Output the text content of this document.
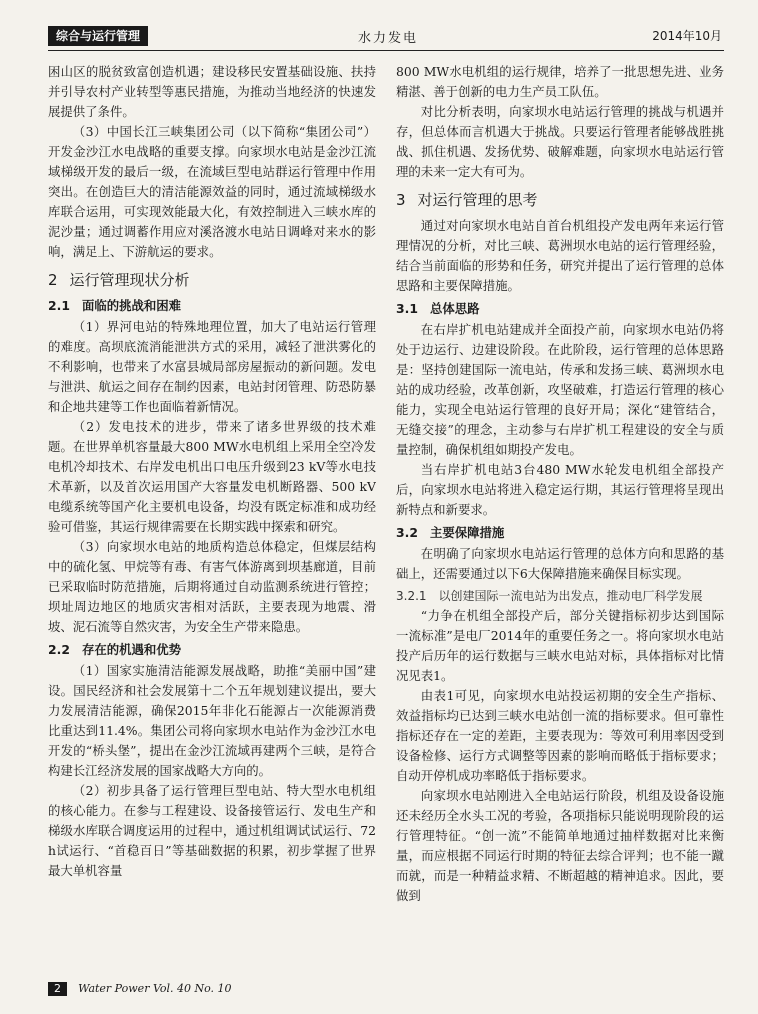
综合与运行管理	水力发电	2014年10月

困山区的脱贫致富创造机遇；建设移民安置基础设施、扶持并引导农村产业转型等惠民措施，为推动当地经济的快速发展提供了条件。

（3）中国长江三峡集团公司（以下简称“集团公司”）开发金沙江水电战略的重要支撑。向家坝水电站是金沙江流域梯级开发的最后一级，在流域巨型电站群运行管理中作用突出。在创造巨大的清洁能源效益的同时，通过流域梯级水库联合运用，可实现效能最大化，有效控制进入三峡水库的泥沙量；通过调蓄作用应对溪洛渡水电站日调峰对来水的影响，满足上、下游航运的要求。

2 运行管理现状分析
2.1 面临的挑战和困难

（1）界河电站的特殊地理位置，加大了电站运行管理的难度。高坝底流消能泄洪方式的采用，减轻了泄洪雾化的不利影响，也带来了水富县城局部房屋振动的新问题。发电与泄洪、航运之间存在制约因素，电站封闭管理、防恐防暴和企地共建等工作也面临着新情况。

（2）发电技术的进步，带来了诸多世界级的技术难题。在世界单机容量最大800 MW水电机组上采用全空冷发电机冷却技术、右岸发电机出口电压升级到23 kV等水电技术革新，以及首次运用国产大容量发电机断路器、500 kV电缆系统等国产化主要机电设备，均没有既定标准和成功经验可借鉴，其运行规律需要在长期实践中探索和研究。

（3）向家坝水电站的地质构造总体稳定，但煤层结构中的硫化氢、甲烷等有毒、有害气体游离到坝基廊道，目前已采取临时防范措施，后期将通过自动监测系统进行管控；坝址周边地区的地质灾害相对活跃，主要表现为地震、滑坡、泥石流等自然灾害，为安全生产带来隐患。

2.2 存在的机遇和优势

（1）国家实施清洁能源发展战略，助推“美丽中国”建设。国民经济和社会发展第十二个五年规划建议提出，要大力发展清洁能源，确保2015年非化石能源占一次能源消费比重达到11.4%。集团公司将向家坝水电站作为金沙江水电开发的“桥头堡”，提出在金沙江流域再建两个三峡，是符合构建长江经济发展的国家战略大方向的。

（2）初步具备了运行管理巨型电站、特大型水电机组的核心能力。在参与工程建设、设备接管运行、发电生产和梯级水库联合调度运用的过程中，通过机组调试试运行、72 h试运行、“首稳百日”等基础数据的积累，初步掌握了世界最大单机容量

800 MW水电机组的运行规律，培养了一批思想先进、业务精湛、善于创新的电力生产员工队伍。

对比分析表明，向家坝水电站运行管理的挑战与机遇并存，但总体而言机遇大于挑战。只要运行管理者能够战胜挑战、抓住机遇、发扬优势、破解难题，向家坝水电站运行管理的未来一定大有可为。

3 对运行管理的思考

通过对向家坝水电站自首台机组投产发电两年来运行管理情况的分析，对比三峡、葛洲坝水电站的运行管理经验，结合当前面临的形势和任务，研究并提出了运行管理的总体思路和主要保障措施。

3.1 总体思路

在右岸扩机电站建成并全面投产前，向家坝水电站仍将处于边运行、边建设阶段。在此阶段，运行管理的总体思路是：坚持创建国际一流电站，传承和发扬三峡、葛洲坝水电站的成功经验，改革创新，攻坚破难，打造运行管理的核心能力，实现全电站运行管理的良好开局；深化“建管结合，无缝交接”的理念，主动参与右岸扩机工程建设的安全与质量控制，确保机组如期投产发电。

当右岸扩机电站3台480 MW水轮发电机组全部投产后，向家坝水电站将进入稳定运行期，其运行管理将呈现出新特点和新要求。

3.2 主要保障措施

在明确了向家坝水电站运行管理的总体方向和思路的基础上，还需要通过以下6大保障措施来确保目标实现。

3.2.1 以创建国际一流电站为出发点，推动电厂科学发展

“力争在机组全部投产后，部分关键指标初步达到国际一流标准”是电厂2014年的重要任务之一。将向家坝水电站投产后历年的运行数据与三峡水电站对标，具体指标对比情况见表1。

由表1可见，向家坝水电站投运初期的安全生产指标、效益指标均已达到三峡水电站创一流的指标要求。但可靠性指标还存在一定的差距，主要表现为：等效可利用率因受到设备检修、运行方式调整等因素的影响而略低于指标要求；自动开停机成功率略低于指标要求。

向家坝水电站刚进入全电站运行阶段，机组及设备设施还未经历全水头工况的考验，各项指标只能说明现阶段的运行管理特征。“创一流”不能简单地通过抽样数据对比来衡量，而应根据不同运行时期的特征去综合评判；也不能一蹴而就，而是一种精益求精、不断超越的精神追求。因此，要做到

2 Water Power Vol. 40 No. 10
